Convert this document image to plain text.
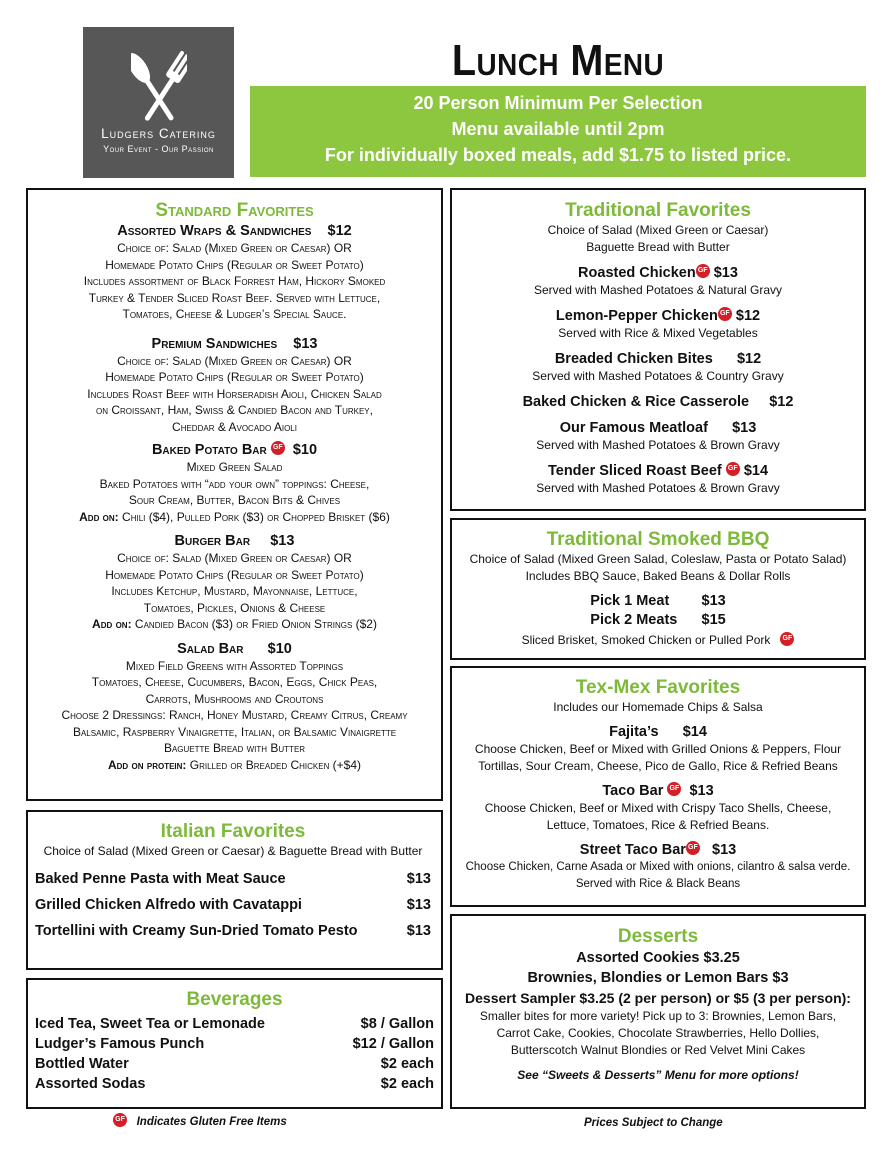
Ludgers Catering
Your Event - Our Passion
Lunch Menu
20 Person Minimum Per Selection
Menu available until 2pm
For individually boxed meals, add $1.75 to listed price.
Standard Favorites
Assorted Wraps & Sandwiches $12
Choice of: Salad (Mixed Green or Caesar) OR
Homemade Potato Chips (Regular or Sweet Potato)
Includes assortment of Black Forrest Ham, Hickory Smoked
Turkey & Tender Sliced Roast Beef. Served with Lettuce,
Tomatoes, Cheese & Ludger’s Special Sauce.
Premium Sandwiches $13
Choice of: Salad (Mixed Green or Caesar) OR
Homemade Potato Chips (Regular or Sweet Potato)
Includes Roast Beef with Horseradish Aioli, Chicken Salad
on Croissant, Ham, Swiss & Candied Bacon and Turkey,
Cheddar & Avocado Aioli
Baked Potato Bar GF $10
Mixed Green Salad
Baked Potatoes with “add your own” toppings: Cheese,
Sour Cream, Butter, Bacon Bits & Chives
Add on: Chili ($4), Pulled Pork ($3) or Chopped Brisket ($6)
Burger Bar $13
Choice of: Salad (Mixed Green or Caesar) OR
Homemade Potato Chips (Regular or Sweet Potato)
Includes Ketchup, Mustard, Mayonnaise, Lettuce,
Tomatoes, Pickles, Onions & Cheese
Add on: Candied Bacon ($3) or Fried Onion Strings ($2)
Salad Bar $10
Mixed Field Greens with Assorted Toppings
Tomatoes, Cheese, Cucumbers, Bacon, Eggs, Chick Peas,
Carrots, Mushrooms and Croutons
Choose 2 Dressings: Ranch, Honey Mustard, Creamy Citrus, Creamy
Balsamic, Raspberry Vinaigrette, Italian, or Balsamic Vinaigrette
Baguette Bread with Butter
Add on protein: Grilled or Breaded Chicken (+$4)
Italian Favorites
Choice of Salad (Mixed Green or Caesar) & Baguette Bread with Butter
Baked Penne Pasta with Meat Sauce	$13
Grilled Chicken Alfredo with Cavatappi	$13
Tortellini with Creamy Sun-Dried Tomato Pesto	$13
Beverages
Iced Tea, Sweet Tea or Lemonade	$8 / Gallon
Ludger’s Famous Punch	$12 / Gallon
Bottled Water	$2 each
Assorted Sodas	$2 each
Traditional Favorites
Choice of Salad (Mixed Green or Caesar)
Baguette Bread with Butter
Roasted Chicken GF $13
Served with Mashed Potatoes & Natural Gravy
Lemon-Pepper Chicken GF $12
Served with Rice & Mixed Vegetables
Breaded Chicken Bites $12
Served with Mashed Potatoes & Country Gravy
Baked Chicken & Rice Casserole $12
Our Famous Meatloaf $13
Served with Mashed Potatoes & Brown Gravy
Tender Sliced Roast Beef GF $14
Served with Mashed Potatoes & Brown Gravy
Traditional Smoked BBQ
Choice of Salad (Mixed Green Salad, Coleslaw, Pasta or Potato Salad)
Includes BBQ Sauce, Baked Beans & Dollar Rolls
Pick 1 Meat $13
Pick 2 Meats $15
Sliced Brisket, Smoked Chicken or Pulled Pork GF
Tex-Mex Favorites
Includes our Homemade Chips & Salsa
Fajita’s $14
Choose Chicken, Beef or Mixed with Grilled Onions & Peppers, Flour
Tortillas, Sour Cream, Cheese, Pico de Gallo, Rice & Refried Beans
Taco Bar GF $13
Choose Chicken, Beef or Mixed with Crispy Taco Shells, Cheese,
Lettuce, Tomatoes, Rice & Refried Beans.
Street Taco Bar GF $13
Choose Chicken, Carne Asada or Mixed with onions, cilantro & salsa verde.
Served with Rice & Black Beans
Desserts
Assorted Cookies $3.25
Brownies, Blondies or Lemon Bars $3
Dessert Sampler $3.25 (2 per person) or $5 (3 per person):
Smaller bites for more variety! Pick up to 3: Brownies, Lemon Bars,
Carrot Cake, Cookies, Chocolate Strawberries, Hello Dollies,
Butterscotch Walnut Blondies or Red Velvet Mini Cakes
See “Sweets & Desserts” Menu for more options!
GF Indicates Gluten Free Items	Prices Subject to Change
